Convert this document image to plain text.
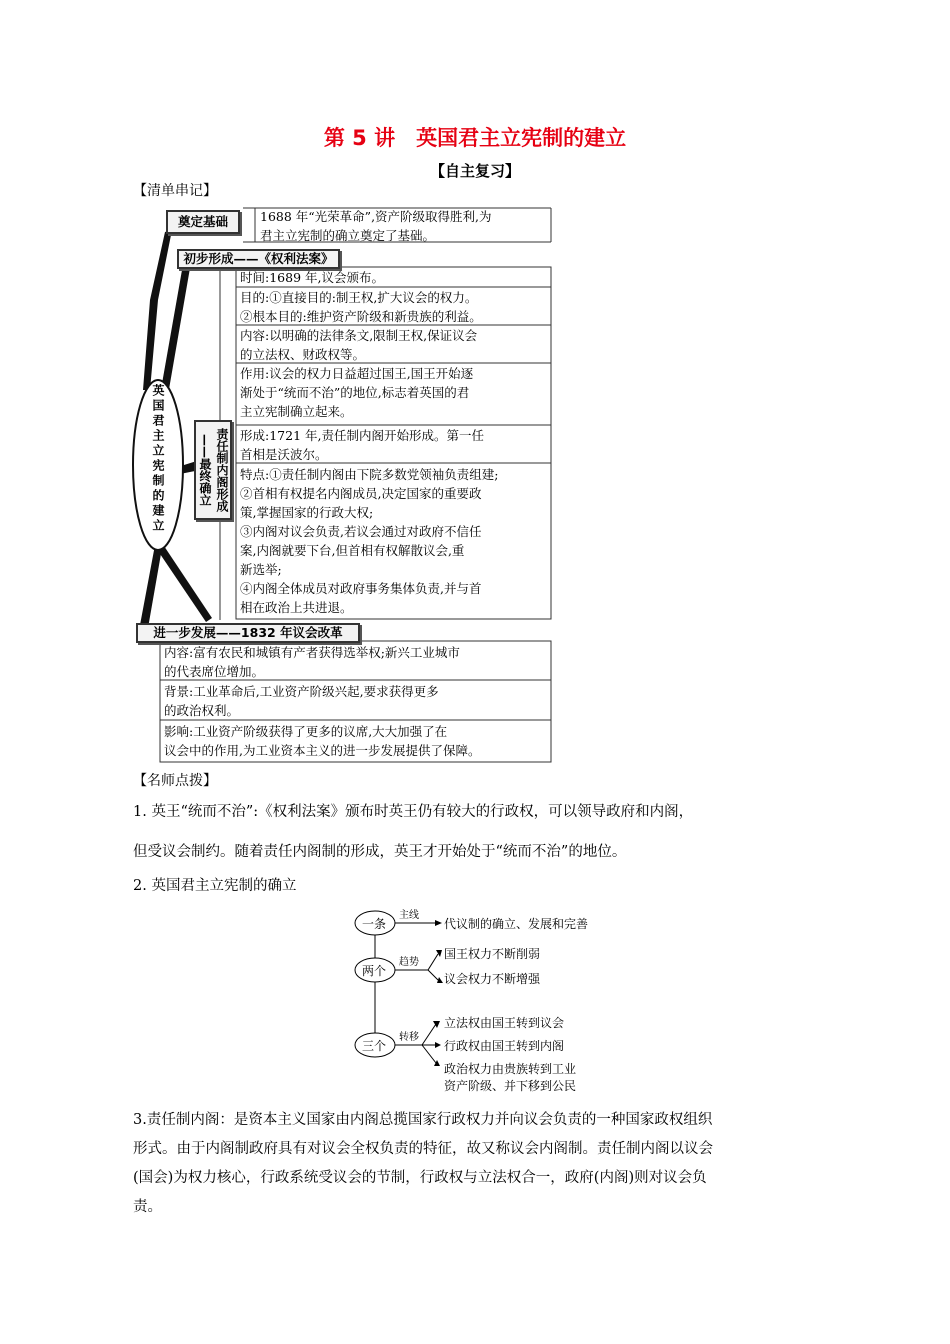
第 5 讲　英国君主立宪制的建立
【自主复习】
【清单串记】
英国君主立宪制的建立
奠定基础	1688 年“光荣革命”,资产阶级取得胜利,为
君主立宪制的确立奠定了基础。
初步形成——《权利法案》
时间:1689 年,议会颁布。
目的:①直接目的:制王权,扩大议会的权力。
②根本目的:维护资产阶级和新贵族的利益。
内容:以明确的法律条文,限制王权,保证议会
的立法权、财政权等。
作用:议会的权力日益超过国王,国王开始逐
渐处于“统而不治”的地位,标志着英国的君
主立宪制确立起来。
责任制内阁形成——最终确立	形成:1721 年,责任制内阁开始形成。第一任
首相是沃波尔。
特点:①责任制内阁由下院多数党领袖负责组建;
②首相有权提名内阁成员,决定国家的重要政
策,掌握国家的行政大权;
③内阁对议会负责,若议会通过对政府不信任
案,内阁就要下台,但首相有权解散议会,重
新选举;
④内阁全体成员对政府事务集体负责,并与首
相在政治上共进退。
进一步发展——1832 年议会改革
内容:富有农民和城镇有产者获得选举权;新兴工业城市
的代表席位增加。
背景:工业革命后,工业资产阶级兴起,要求获得更多
的政治权利。
影响:工业资产阶级获得了更多的议席,大大加强了在
议会中的作用,为工业资本主义的进一步发展提供了保障。
【名师点拨】
1. 英王“统而不治”:《权利法案》颁布时英王仍有较大的行政权，可以领导政府和内阁，
但受议会制约。随着责任内阁制的形成，英王才开始处于“统而不治”的地位。
2. 英国君主立宪制的确立
一条
主线
代议制的确立、发展和完善
两个
趋势
国王权力不断削弱
议会权力不断增强
三个
转移
立法权由国王转到议会
行政权由国王转到内阁
政治权力由贵族转到工业
资产阶级、并下移到公民
3.责任制内阁：是资本主义国家由内阁总揽国家行政权力并向议会负责的一种国家政权组织
形式。由于内阁制政府具有对议会全权负责的特征，故又称议会内阁制。责任制内阁以议会
(国会)为权力核心，行政系统受议会的节制，行政权与立法权合一，政府(内阁)则对议会负
责。
